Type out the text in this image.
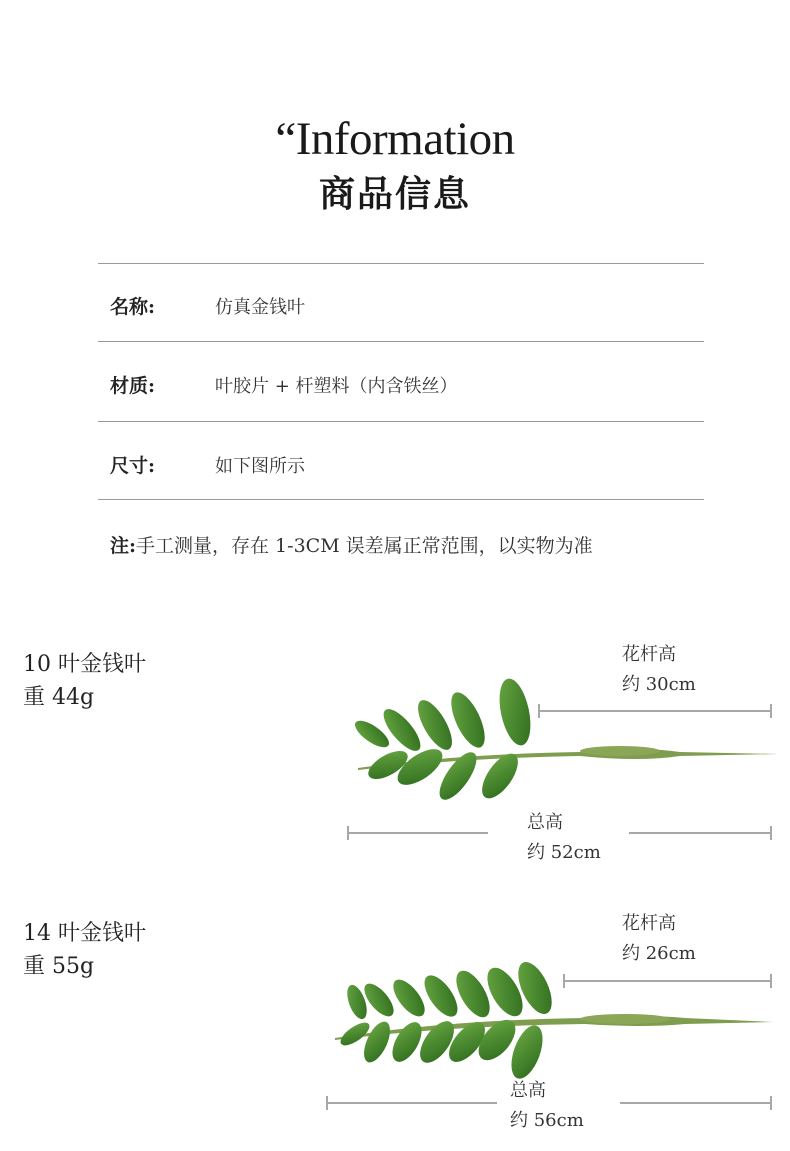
“Information
商品信息
名称:	仿真金钱叶
材质:	叶胶片 + 杆塑料（内含铁丝）
尺寸:	如下图所示
注:手工测量，存在 1-3CM 误差属正常范围，以实物为准
10 叶金钱叶
重 44g
花杆高
约 30cm
总高
约 52cm
14 叶金钱叶
重 55g
花杆高
约 26cm
总高
约 56cm
